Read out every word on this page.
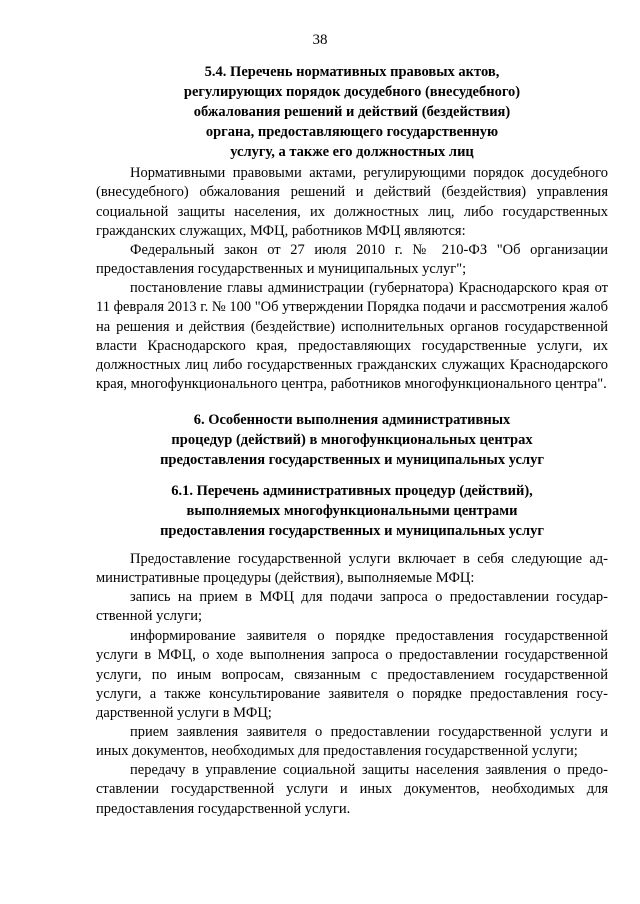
38
5.4. Перечень нормативных правовых актов,
регулирующих порядок досудебного (внесудебного)
обжалования решений и действий (бездействия)
органа, предоставляющего государственную
услугу, а также его должностных лиц
Нормативными правовыми актами, регулирующими порядок досудебного (внесудебного) обжалования решений и действий (бездействия) управления социальной защиты населения, их должностных лиц, либо государственных гражданских служащих, МФЦ, работников МФЦ являются:
Федеральный закон от 27 июля 2010 г. № 210-ФЗ "Об организации предоставления государственных и муниципальных услуг";
постановление главы администрации (губернатора) Краснодарского края от 11 февраля 2013 г. № 100 "Об утверждении Порядка подачи и рассмотрения жалоб на решения и действия (бездействие) исполнительных органов государственной власти Краснодарского края, предоставляющих государственные услуги, их должностных лиц либо государственных гражданских служащих Краснодарского края, многофункционального центра, работников многофункционального центра".
6. Особенности выполнения административных
процедур (действий) в многофункциональных центрах
предоставления государственных и муниципальных услуг
6.1. Перечень административных процедур (действий),
выполняемых многофункциональными центрами
предоставления государственных и муниципальных услуг
Предоставление государственной услуги включает в себя следующие административные процедуры (действия), выполняемые МФЦ:
запись на прием в МФЦ для подачи запроса о предоставлении государственной услуги;
информирование заявителя о порядке предоставления государственной услуги в МФЦ, о ходе выполнения запроса о предоставлении государственной услуги, по иным вопросам, связанным с предоставлением государственной услуги, а также консультирование заявителя о порядке предоставления государственной услуги в МФЦ;
прием заявления заявителя о предоставлении государственной услуги и иных документов, необходимых для предоставления государственной услуги;
передачу в управление социальной защиты населения заявления о предоставлении государственной услуги и иных документов, необходимых для предоставления государственной услуги.
